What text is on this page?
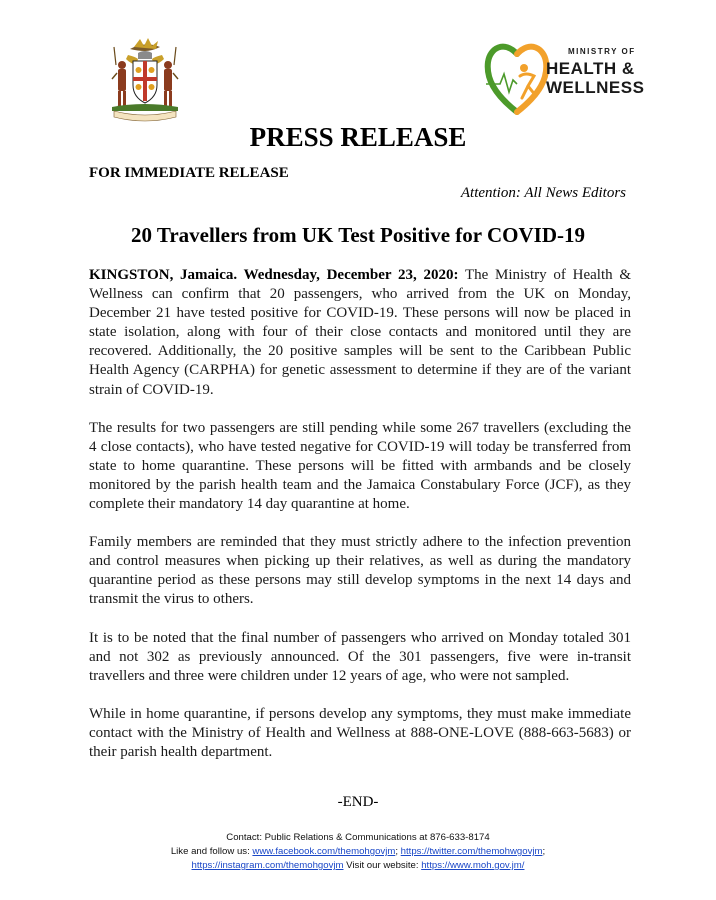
MINISTRY OF
HEALTH &
WELLNESS
PRESS RELEASE
FOR IMMEDIATE RELEASE
Attention: All News Editors
20 Travellers from UK Test Positive for COVID-19

KINGSTON, Jamaica. Wednesday, December 23, 2020: The Ministry of Health & Wellness can confirm that 20 passengers, who arrived from the UK on Monday, December 21 have tested positive for COVID-19. These persons will now be placed in state isolation, along with four of their close contacts and monitored until they are recovered. Additionally, the 20 positive samples will be sent to the Caribbean Public Health Agency (CARPHA) for genetic assessment to determine if they are of the variant strain of COVID-19.

The results for two passengers are still pending while some 267 travellers (excluding the 4 close contacts), who have tested negative for COVID-19 will today be transferred from state to home quarantine. These persons will be fitted with armbands and be closely monitored by the parish health team and the Jamaica Constabulary Force (JCF), as they complete their mandatory 14 day quarantine at home.

Family members are reminded that they must strictly adhere to the infection prevention and control measures when picking up their relatives, as well as during the mandatory quarantine period as these persons may still develop symptoms in the next 14 days and transmit the virus to others.

It is to be noted that the final number of passengers who arrived on Monday totaled 301 and not 302 as previously announced. Of the 301 passengers, five were in-transit travellers and three were children under 12 years of age, who were not sampled.

While in home quarantine, if persons develop any symptoms, they must make immediate contact with the Ministry of Health and Wellness at 888-ONE-LOVE (888-663-5683) or their parish health department.

-END-
Contact: Public Relations & Communications at 876-633-8174
Like and follow us: www.facebook.com/themohgovjm; https://twitter.com/themohwgovjm;
https://instagram.com/themohgovjm Visit our website: https://www.moh.gov.jm/
